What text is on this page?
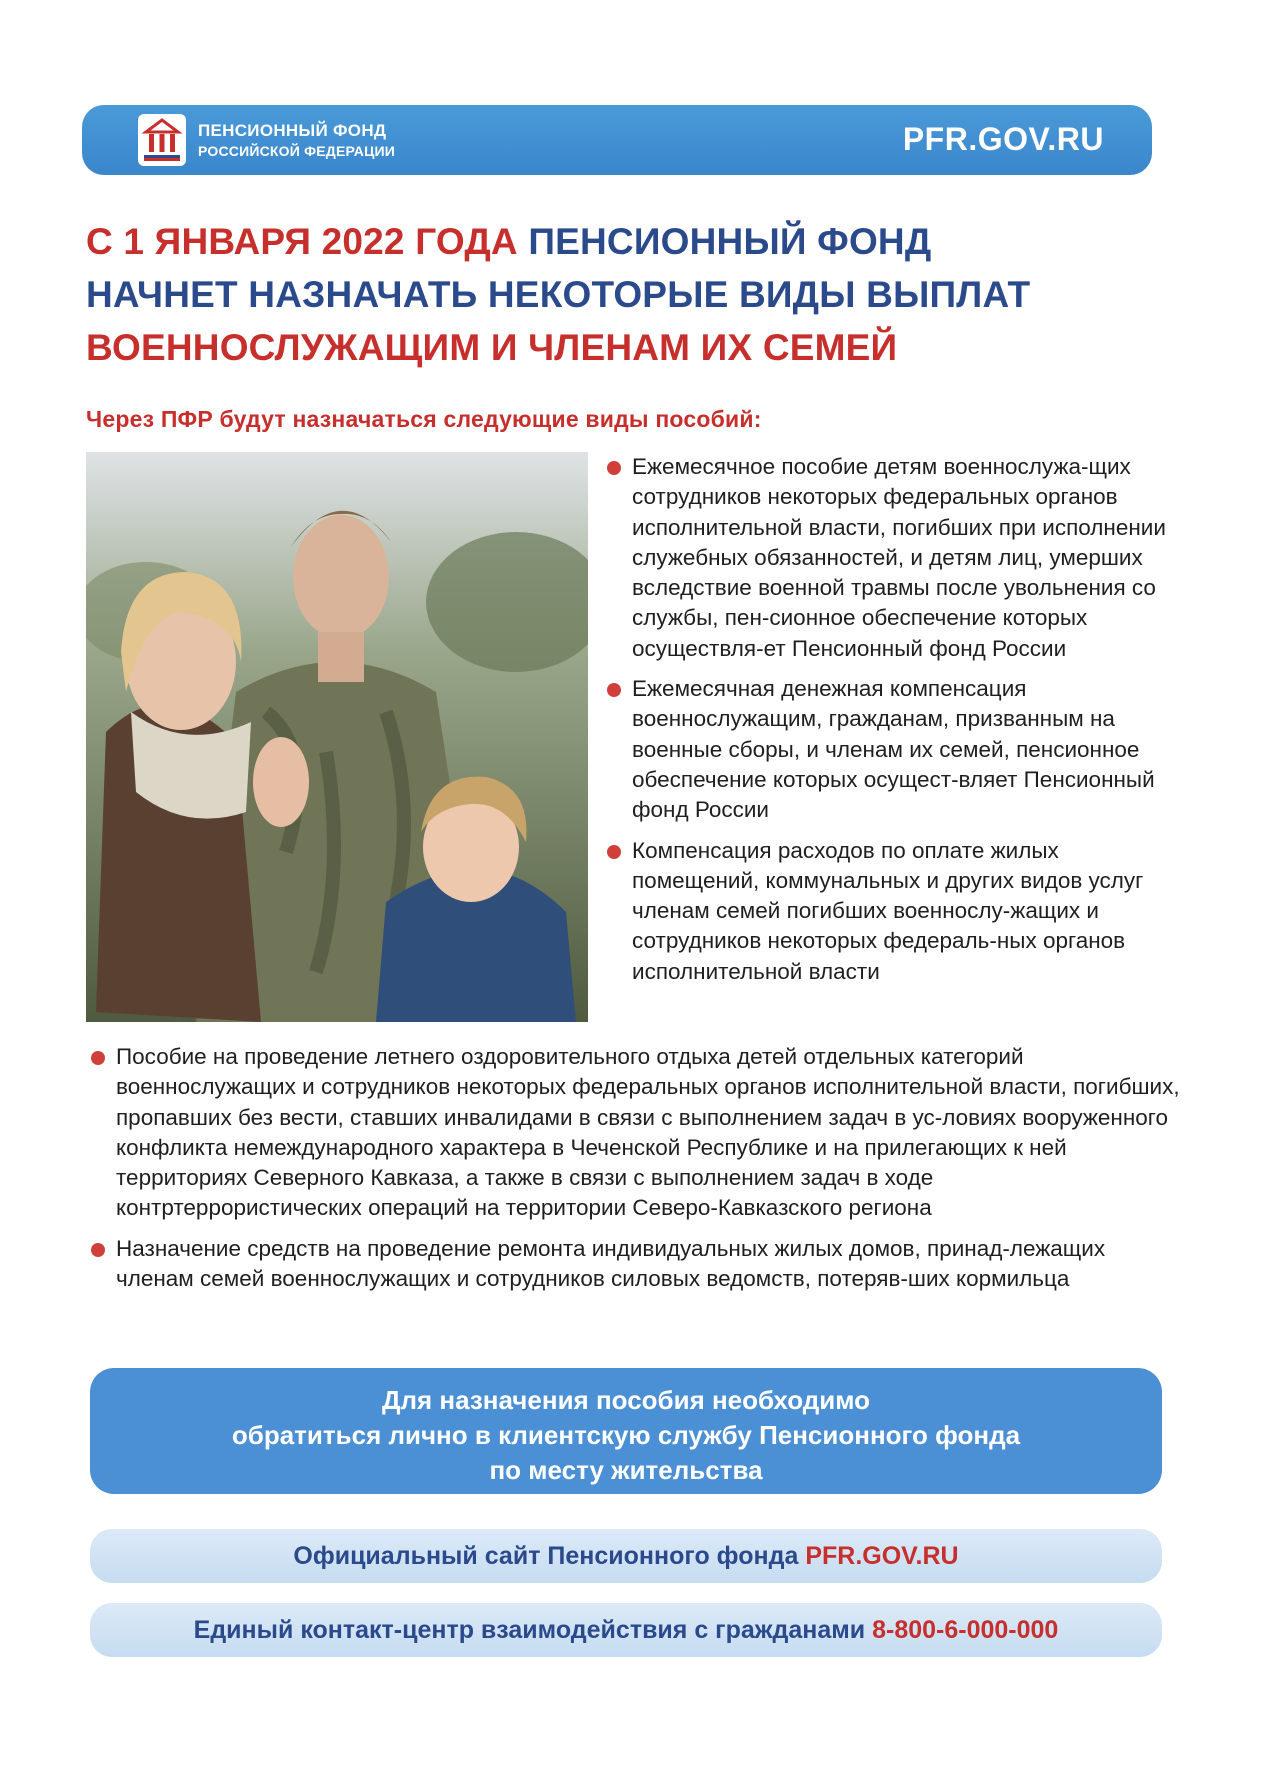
ПЕНСИОННЫЙ ФОНД
РОССИЙСКОЙ ФЕДЕРАЦИИ	PFR.GOV.RU
С 1 ЯНВАРЯ 2022 ГОДА ПЕНСИОННЫЙ ФОНД
НАЧНЕТ НАЗНАЧАТЬ НЕКОТОРЫЕ ВИДЫ ВЫПЛАТ
ВОЕННОСЛУЖАЩИМ И ЧЛЕНАМ ИХ СЕМЕЙ
Через ПФР будут назначаться следующие виды пособий:
Ежемесячное пособие детям военнослужа-щих сотрудников некоторых федеральных органов исполнительной власти, погибших при исполнении служебных обязанностей, и детям лиц, умерших вследствие военной травмы после увольнения со службы, пен-сионное обеспечение которых осуществля-ет Пенсионный фонд России
Ежемесячная денежная компенсация военнослужащим, гражданам, призванным на военные сборы, и членам их семей, пенсионное обеспечение которых осущест-вляет Пенсионный фонд России
Компенсация расходов по оплате жилых помещений, коммунальных и других видов услуг членам семей погибших военнослу-жащих и сотрудников некоторых федераль-ных органов исполнительной власти
Пособие на проведение летнего оздоровительного отдыха детей отдельных категорий военнослужащих и сотрудников некоторых федеральных органов исполнительной власти, погибших, пропавших без вести, ставших инвалидами в связи с выполнением задач в ус-ловиях вооруженного конфликта немеждународного характера в Чеченской Республике и на прилегающих к ней территориях Северного Кавказа, а также в связи с выполнением задач в ходе контртеррористических операций на территории Северо-Кавказского региона
Назначение средств на проведение ремонта индивидуальных жилых домов, принад-лежащих членам семей военнослужащих и сотрудников силовых ведомств, потеряв-ших кормильца
Для назначения пособия необходимо
обратиться лично в клиентскую службу Пенсионного фонда
по месту жительства
Официальный сайт Пенсионного фонда PFR.GOV.RU
Единый контакт-центр взаимодействия с гражданами 8-800-6-000-000
